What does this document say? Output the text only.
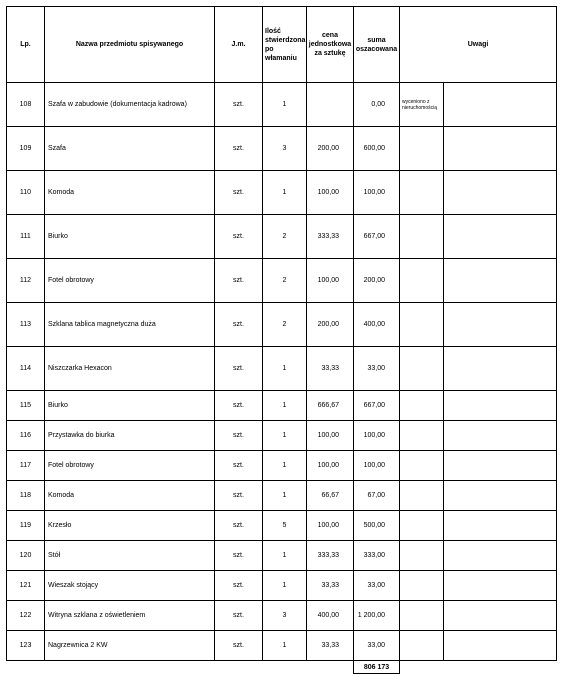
Lp.	Nazwa przedmiotu spisywanego	J.m.	Ilość stwierdzona po włamaniu	cena jednostkowa za sztukę	suma oszacowana	Uwagi	
108	Szafa w zabudowie (dokumentacja kadrowa)	szt.	1		0,00	wyceniono z nieruchomością	
109	Szafa	szt.	3	200,00	600,00		
110	Komoda	szt.	1	100,00	100,00		
111	Biurko	szt.	2	333,33	667,00		
112	Fotel obrotowy	szt.	2	100,00	200,00		
113	Szklana tablica magnetyczna duża	szt.	2	200,00	400,00		
114	Niszczarka Hexacon	szt.	1	33,33	33,00		
115	Biurko	szt.	1	666,67	667,00		
116	Przystawka do biurka	szt.	1	100,00	100,00		
117	Fotel obrotowy	szt.	1	100,00	100,00		
118	Komoda	szt.	1	66,67	67,00		
119	Krzesło	szt.	5	100,00	500,00		
120	Stół	szt.	1	333,33	333,00		
121	Wieszak stojący	szt.	1	33,33	33,00		
122	Witryna szklana z oświetleniem	szt.	3	400,00	1 200,00		
123	Nagrzewnica 2 KW	szt.	1	33,33	33,00		
					806 173		
